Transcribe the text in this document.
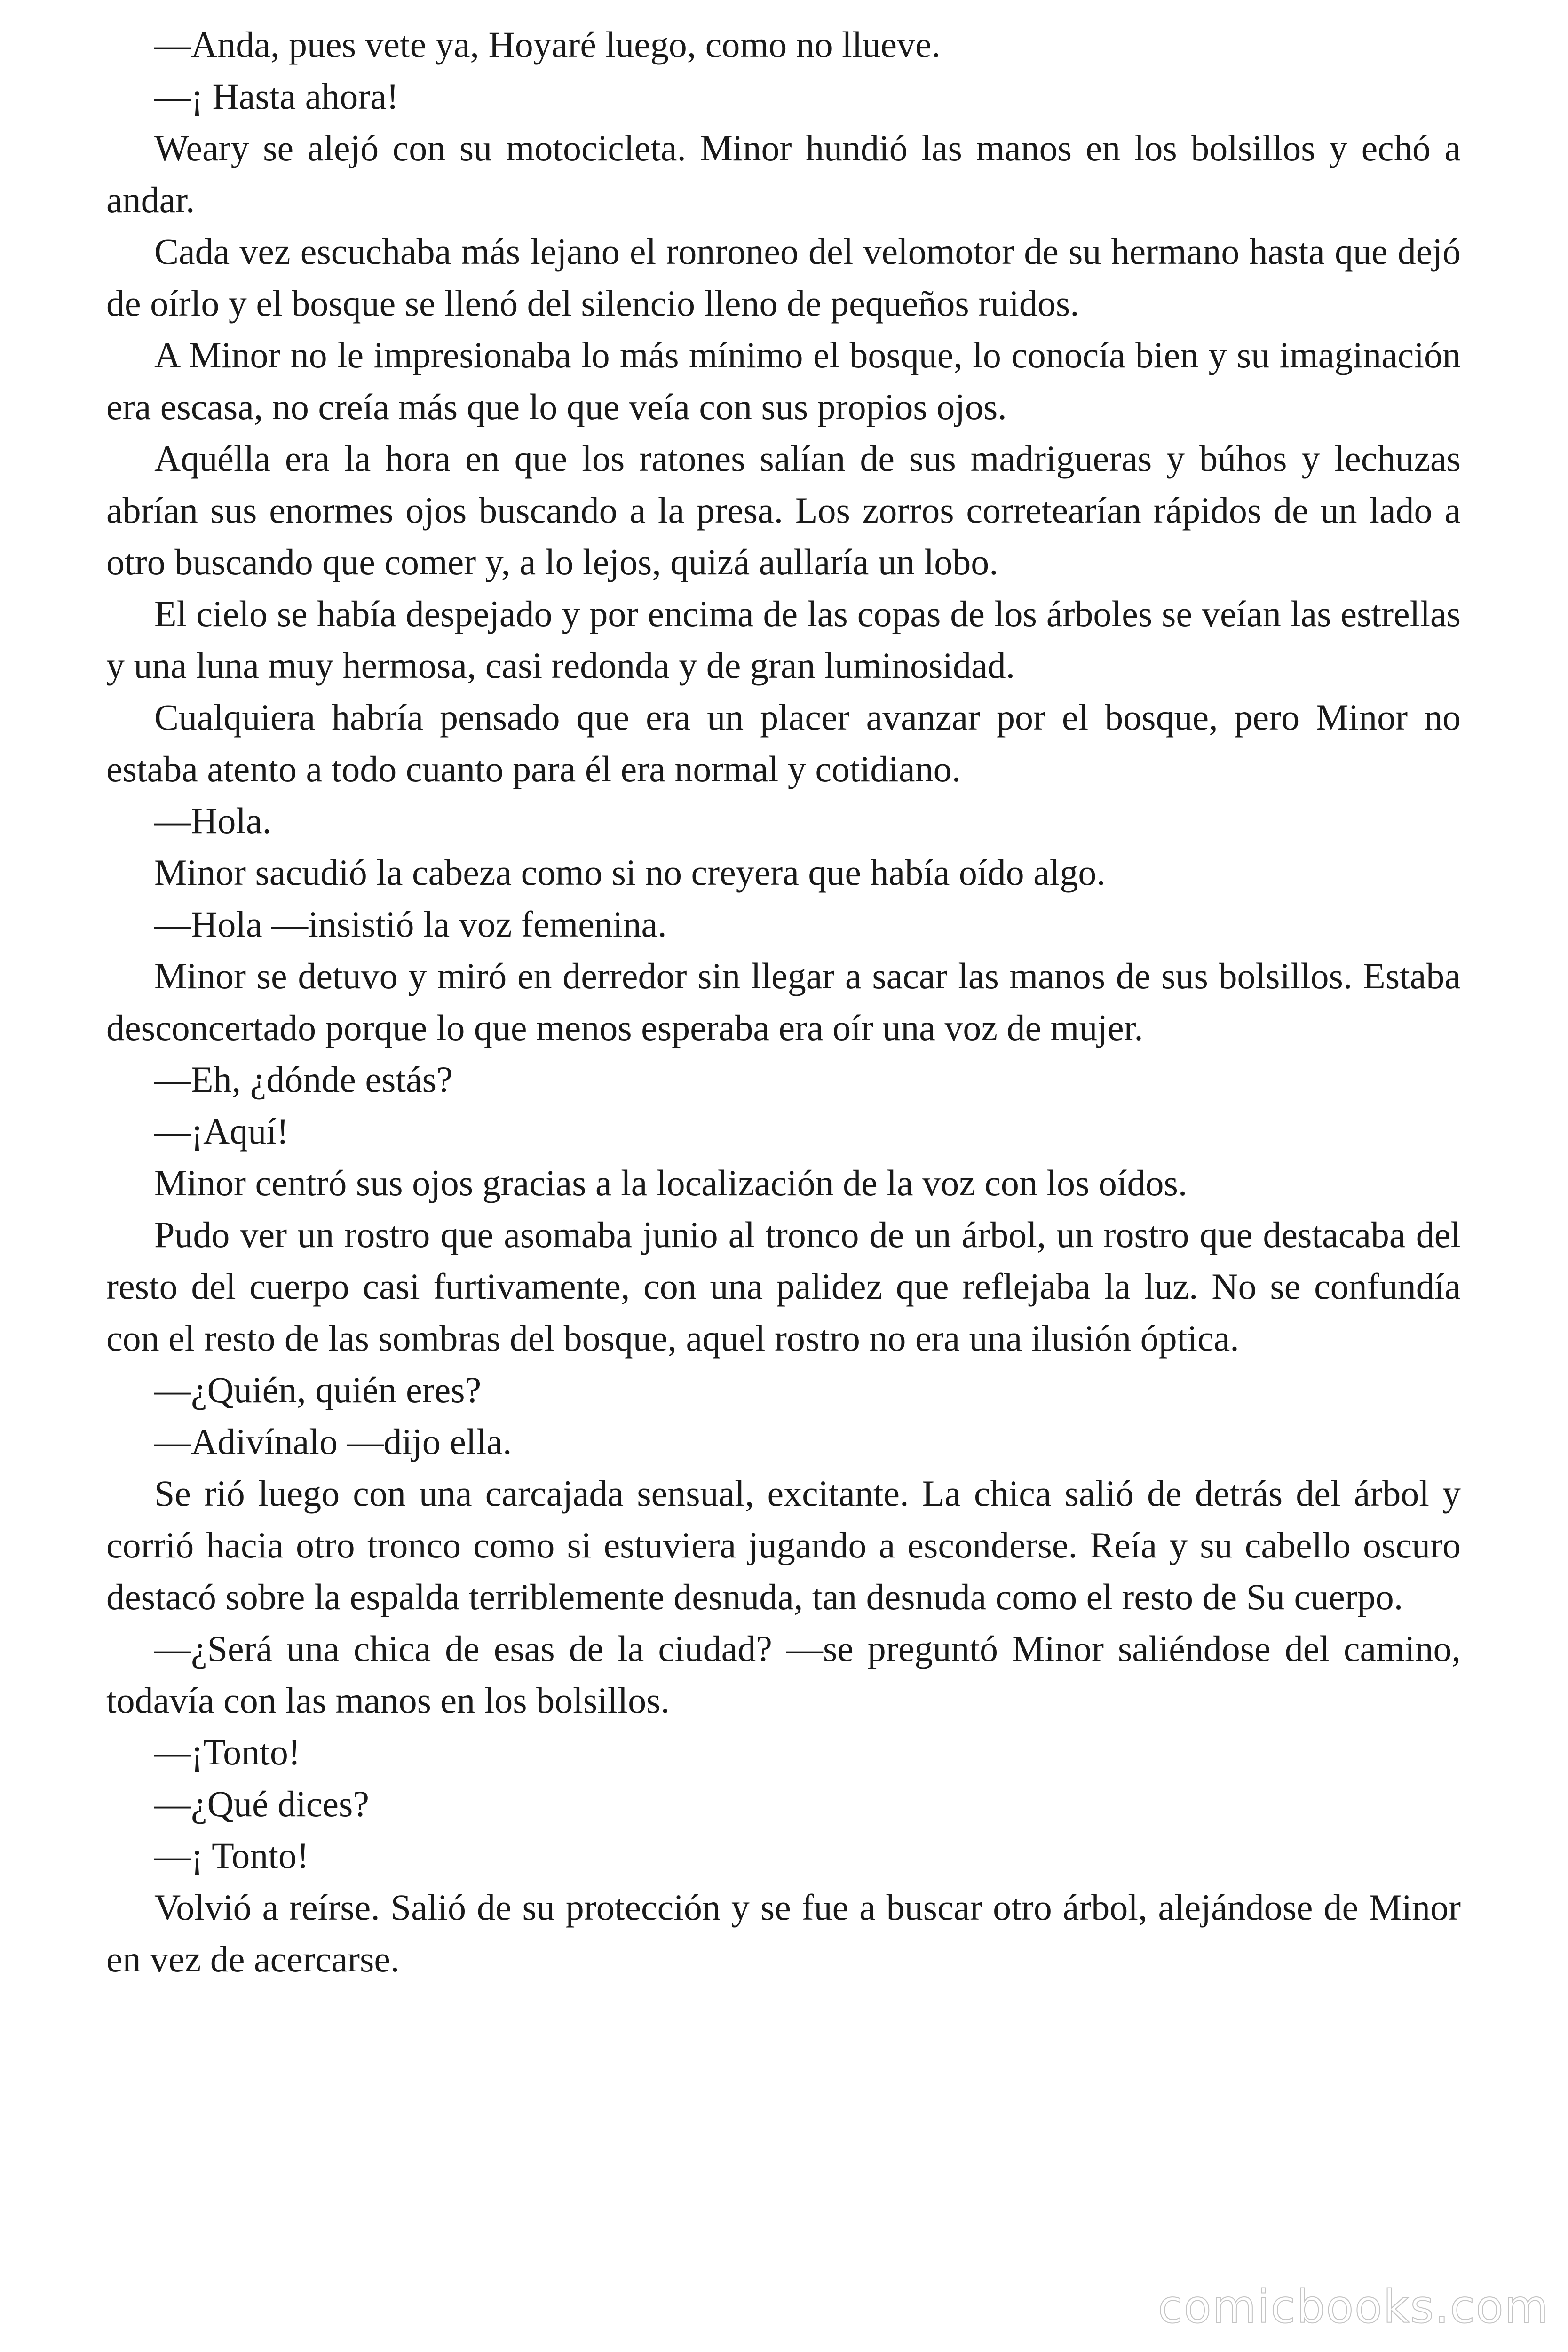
—Anda, pues vete ya, Hoyaré luego, como no llueve.

—¡ Hasta ahora!

Weary se alejó con su motocicleta. Minor hundió las manos en los bolsillos y echó a andar.

Cada vez escuchaba más lejano el ronroneo del velomotor de su hermano hasta que dejó de oírlo y el bosque se llenó del silencio lleno de pequeños ruidos.

A Minor no le impresionaba lo más mínimo el bosque, lo conocía bien y su imaginación era escasa, no creía más que lo que veía con sus propios ojos.

Aquélla era la hora en que los ratones salían de sus madrigueras y búhos y lechuzas abrían sus enormes ojos buscando a la presa. Los zorros corretearían rápidos de un lado a otro buscando que comer y, a lo lejos, quizá aullaría un lobo.

El cielo se había despejado y por encima de las copas de los árboles se veían las estrellas y una luna muy hermosa, casi redonda y de gran luminosidad.

Cualquiera habría pensado que era un placer avanzar por el bosque, pero Minor no estaba atento a todo cuanto para él era normal y cotidiano.

—Hola.

Minor sacudió la cabeza como si no creyera que había oído algo.

—Hola —insistió la voz femenina.

Minor se detuvo y miró en derredor sin llegar a sacar las manos de sus bolsillos. Estaba desconcertado porque lo que menos esperaba era oír una voz de mujer.

—Eh, ¿dónde estás?

—¡Aquí!

Minor centró sus ojos gracias a la localización de la voz con los oídos.

Pudo ver un rostro que asomaba junio al tronco de un árbol, un rostro que destacaba del resto del cuerpo casi furtivamente, con una palidez que reflejaba la luz. No se confundía con el resto de las sombras del bosque, aquel rostro no era una ilusión óptica.

—¿Quién, quién eres?

—Adivínalo —dijo ella.

Se rió luego con una carcajada sensual, excitante. La chica salió de detrás del árbol y corrió hacia otro tronco como si estuviera jugando a esconderse. Reía y su cabello oscuro destacó sobre la espalda terriblemente desnuda, tan desnuda como el resto de Su cuerpo.

—¿Será una chica de esas de la ciudad? —se preguntó Minor saliéndose del camino, todavía con las manos en los bolsillos.

—¡Tonto!

—¿Qué dices?

—¡ Tonto!

Volvió a reírse. Salió de su protección y se fue a buscar otro árbol, alejándose de Minor en vez de acercarse.

comicbooks.com
